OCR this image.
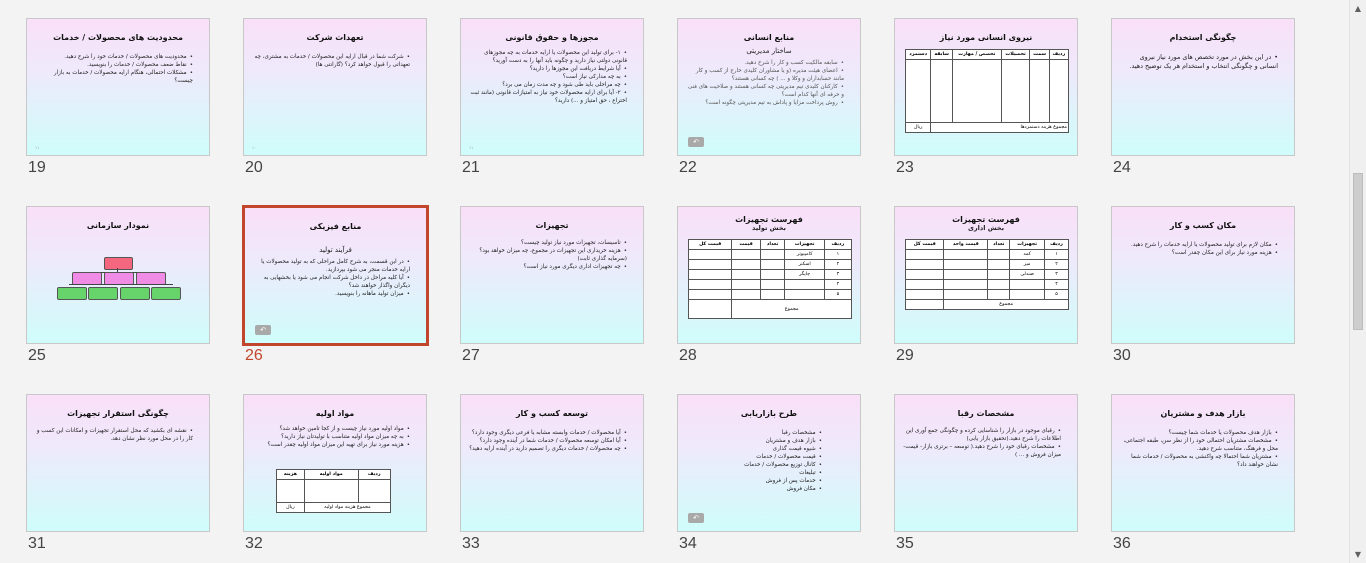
محدودیت های محصولات / خدمات
• محدودیت های محصولات / خدمات خود را شرح دهید.
• نقاط ضعف محصولات / خدمات را بنویسید.
• مشکلات احتمالی، هنگام ارایه محصولات / خدمات به بازار چیست؟
۱۱
19
تعهدات شرکت
• شرکت شما در قبال ارایه این محصولات / خدمات به مشتری، چه تعهداتی را قبول خواهد کرد؟ (گارانتی ها)
۱۰
20
مجوزها و حقوق قانونی
• ۱- برای تولید این محصولات یا ارایه خدمات به چه مجوزهای قانونی دولتی نیاز دارید و چگونه باید آنها را به دست آورید؟
• آیا شرایط دریافت این مجوزها را دارید؟
• به چه مدارکی نیاز است؟
• چه مراحلی باید طی شود و چه مدت زمان می برد؟
• ۲- آیا برای ارایه محصولات خود نیاز به امتیازات قانونی (مانند ثبت اختراع ، حق امتیاز و ...) دارید؟
۱۱
21
منابع انسانی
ساختار مدیریتی
• سابقه مالکیت کسب و کار را شرح دهید.
• اعضای هیئت مدیره (و یا مشاوران کلیدی خارج از کسب و کار مانند حسابداران و وکلا و ... ) چه کسانی هستند؟
• کارکنان کلیدی تیم مدیریتی چه کسانی هستند و صلاحیت های فنی و حرفه ای آنها کدام است؟
• روش پرداخت مزایا و پاداش به تیم مدیریتی چگونه است؟
↶
22
نیروی انسانی مورد نیاز
ردیف	سمت	تحصیلات	تخصص / مهارت	سابقه	دستمزد

مجموع هزینه دستمزدها					ریال
23
چگونگی استخدام
• در این بخش در مورد تخصص های مورد نیاز نیروی انسانی و چگونگی انتخاب و استخدام هر یک توضیح دهید.
24
نمودار سازمانی
25
منابع فیزیکی
فرآیند تولید
• در این قسمت، به شرح کامل مراحلی که به تولید محصولات یا ارایه خدمات منجر می شود بپردازید.
• آیا کلیه مراحل در داخل شرکت انجام می شود یا بخشهایی به دیگران واگذار خواهند شد؟
• میزان تولید ماهانه را بنویسید.
↶
26
تجهیزات
• تاسیسات، تجهیزات مورد نیاز تولید چیست؟
• هزینه خریداری این تجهیزات در مجموع، چه میزان خواهد بود؟ (سرمایه گذاری ثابت)
• چه تجهیزات اداری دیگری مورد نیاز است؟
27
فهرست تجهیزات
بخش تولید
ردیف	تجهیزات	تعداد	قیمت	قیمت کل
۱	کامپیوتر			
۲	اسکنر			
۳	چاپگر			
۴				
۵				
مجموع				
28
فهرست تجهیزات
بخش اداری
ردیف	تجهیزات	تعداد	قیمت واحد	قیمت کل
۱	کمد			
۲	میز			
۳	صندلی			
۴				
۵				
مجموع				
29
مکان کسب و کار
• مکان لازم برای تولید محصولات یا ارایه خدمات را شرح دهید.
• هزینه مورد نیاز برای این مکان چقدر است؟
30
چگونگی استقرار تجهیزات
• نقشه ای بکشید که محل استقرار تجهیزات و امکانات این کسب و کار را در محل مورد نظر نشان دهد.
31
مواد اولیه
• مواد اولیه مورد نیاز چیست و از کجا تامین خواهد شد؟
• به چه میزان مواد اولیه متناسب با تولیدتان نیاز دارید؟
• هزینه مورد نیاز برای تهیه این میزان مواد اولیه چقدر است؟
ردیف	مواد اولیه	هزینه

مجموع هزینه مواد اولیه		ریال
32
توسعه کسب و کار
• آیا محصولات / خدمات وابسته مشابه یا فرعی دیگری وجود دارد؟
• آیا امکان توسعه محصولات / خدمات شما در آینده وجود دارد؟
• چه محصولات / خدمات دیگری را تصمیم دارید در آینده ارایه دهید؟
33
طرح بازاریابی
• مشخصات رقبا
• بازار هدف و مشتریان
• شیوه قیمت گذاری
• قیمت محصولات / خدمات
• کانال توزیع محصولات / خدمات
• تبلیغات
• خدمات پس از فروش
• مکان فروش
↶
34
مشخصات رقبا
• رقبای موجود در بازار را شناسایی کرده و چگونگی جمع آوری این اطلاعات را شرح دهید.(تحقیق بازار یابی)
• مشخصات رقبای خود را شرح دهید.( توسعه – برتری بازار- قیمت- میزان فروش و ... )
35
بازار هدف و مشتریان
• بازار هدف محصولات یا خدمات شما چیست؟
• مشخصات مشتریان احتمالی خود را از نظر سن، طبقه اجتماعی، محل و فرهنگ، متناسب شرح دهید.
• مشتریان شما احتمالا چه واکنشی به محصولات / خدمات شما نشان خواهند داد؟
36
▲
▼
